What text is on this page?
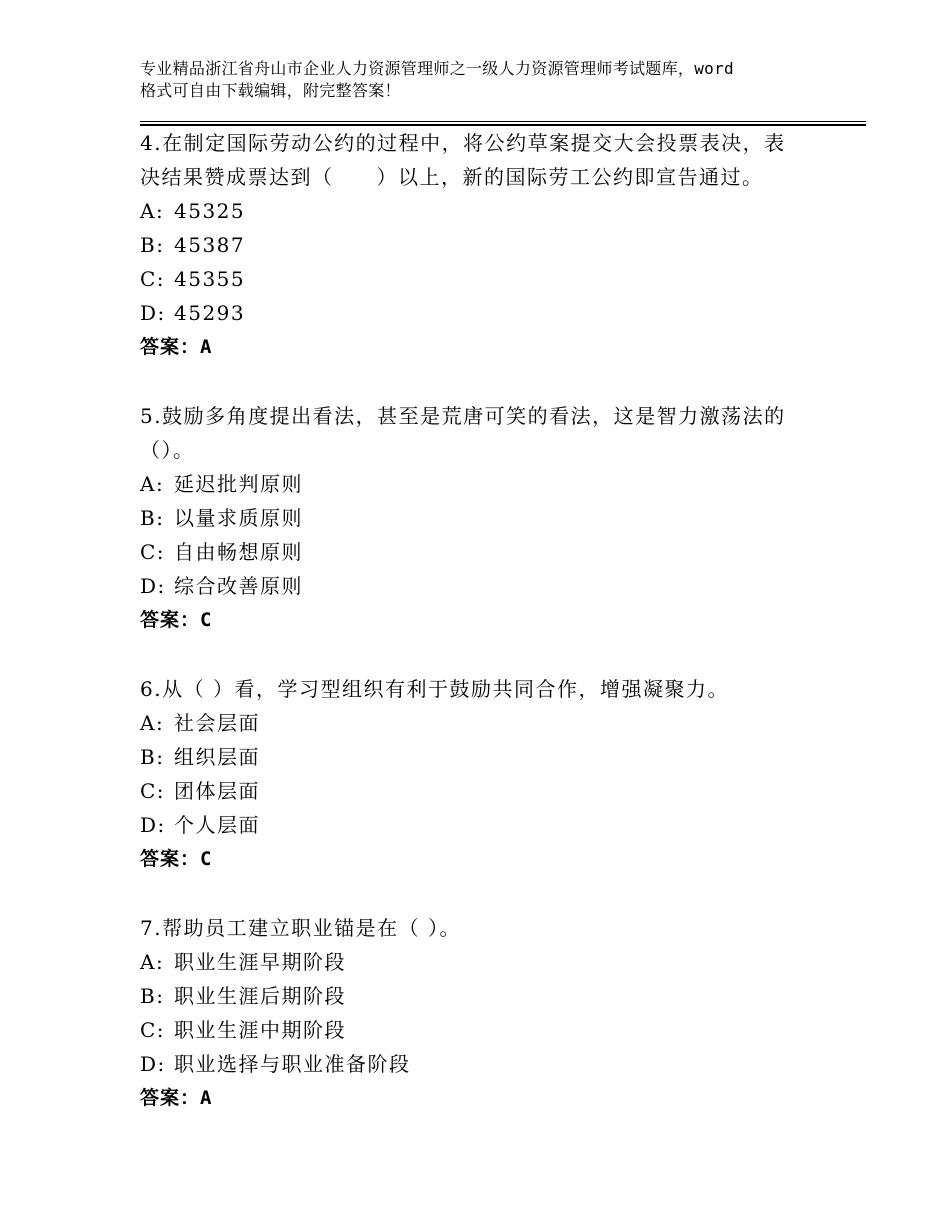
专业精品浙江省舟山市企业人力资源管理师之一级人力资源管理师考试题库，word
格式可自由下载编辑，附完整答案！

4.在制定国际劳动公约的过程中，将公约草案提交大会投票表决，表

决结果赞成票达到（　　）以上，新的国际劳工公约即宣告通过。

A: 45325

B: 45387

C: 45355

D: 45293

答案：A

5.鼓励多角度提出看法，甚至是荒唐可笑的看法，这是智力激荡法的

（）。

A: 延迟批判原则

B: 以量求质原则

C: 自由畅想原则

D: 综合改善原则

答案：C

6.从（ ）看，学习型组织有利于鼓励共同合作，增强凝聚力。

A: 社会层面

B: 组织层面

C: 团体层面

D: 个人层面

答案：C

7.帮助员工建立职业锚是在（ ）。

A: 职业生涯早期阶段

B: 职业生涯后期阶段

C: 职业生涯中期阶段

D: 职业选择与职业准备阶段

答案：A
